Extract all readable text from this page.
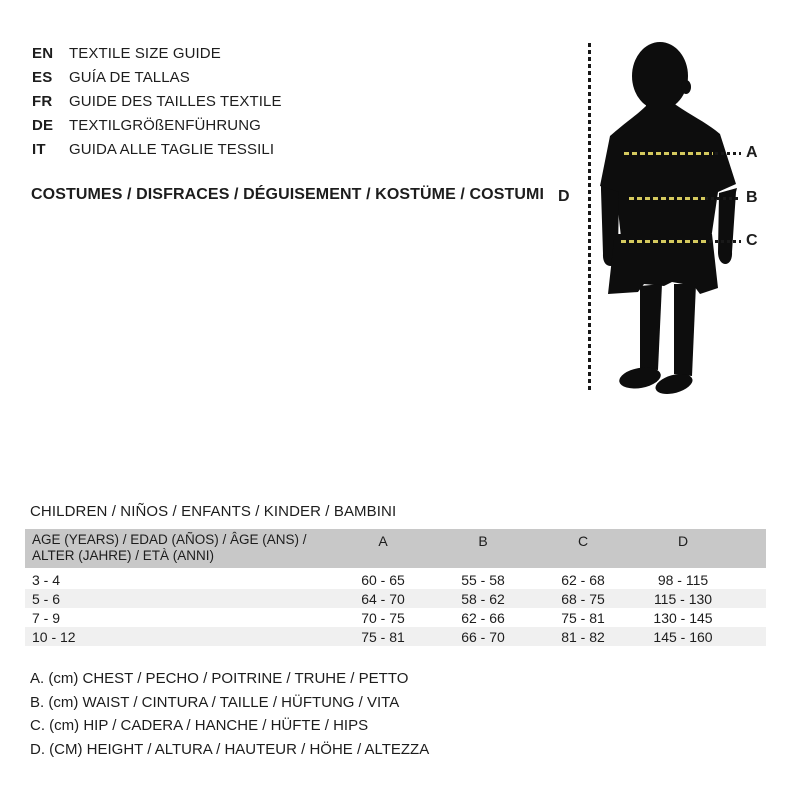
EN	TEXTILE SIZE GUIDE
ES	GUÍA DE TALLAS
FR	GUIDE DES TAILLES TEXTILE
DE	TEXTILGRÖßENFÜHRUNG
IT	GUIDA ALLE TAGLIE TESSILI
COSTUMES / DISFRACES / DÉGUISEMENT / KOSTÜME / COSTUMI D
A
B
C
CHILDREN / NIÑOS / ENFANTS / KINDER / BAMBINI
AGE (YEARS) / EDAD (AÑOS) / ÂGE (ANS) /
ALTER (JAHRE) / ETÀ (ANNI)
A	B	C	D
3 - 4	60 - 65	55 - 58	62 - 68	98 - 115
5 - 6	64 - 70	58 - 62	68 - 75	115 - 130
7 - 9	70 - 75	62 - 66	75 - 81	130 - 145
10 - 12	75 - 81	66 - 70	81 - 82	145 - 160
A. (cm) CHEST / PECHO / POITRINE / TRUHE / PETTO
B. (cm) WAIST / CINTURA / TAILLE / HÜFTUNG / VITA
C. (cm) HIP / CADERA / HANCHE / HÜFTE / HIPS
D. (CM) HEIGHT / ALTURA / HAUTEUR / HÖHE / ALTEZZA
